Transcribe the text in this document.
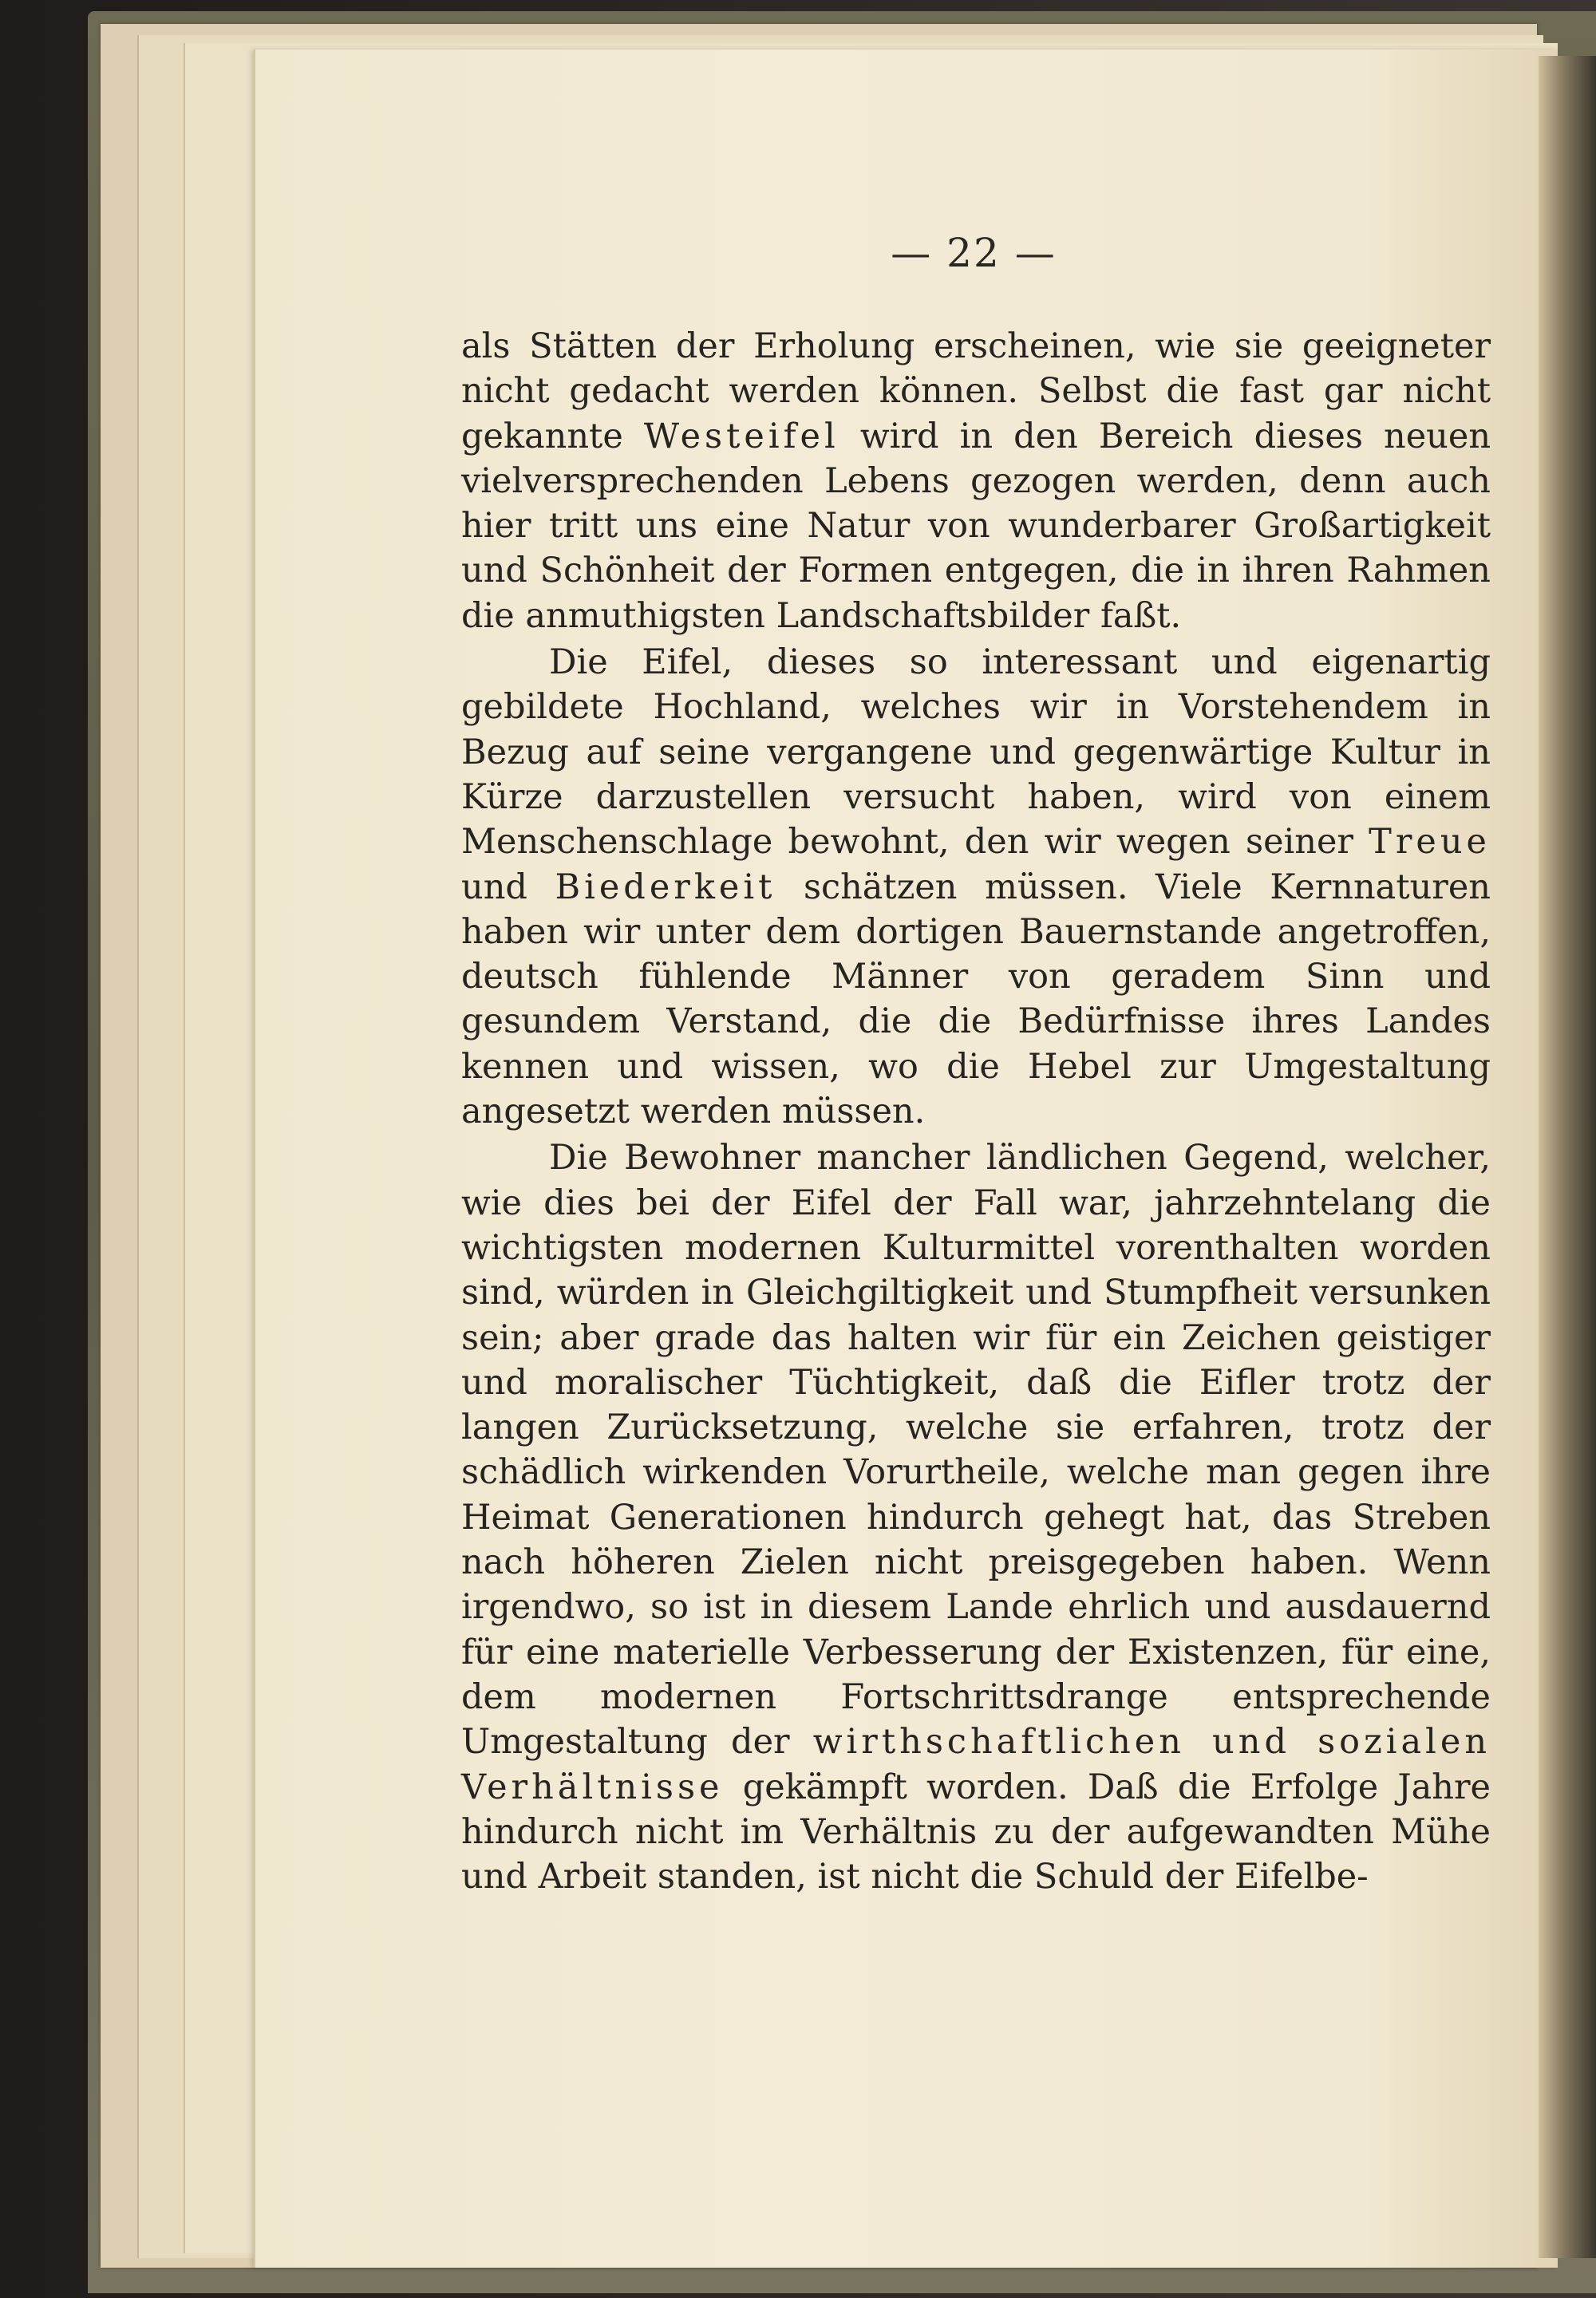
— 22 —

als Stätten der Erholung erscheinen, wie sie geeigneter nicht gedacht werden können. Selbst die fast gar nicht gekannte Westeifel wird in den Bereich dieses neuen vielversprechenden Lebens gezogen werden, denn auch hier tritt uns eine Natur von wunderbarer Großartigkeit und Schönheit der Formen entgegen, die in ihren Rahmen die anmuthigsten Landschaftsbilder faßt.

Die Eifel, dieses so interessant und eigenartig gebildete Hochland, welches wir in Vorstehendem in Bezug auf seine vergangene und gegenwärtige Kultur in Kürze darzustellen versucht haben, wird von einem Menschenschlage bewohnt, den wir wegen seiner Treue und Biederkeit schätzen müssen. Viele Kernnaturen haben wir unter dem dortigen Bauernstande angetroffen, deutsch fühlende Männer von geradem Sinn und gesundem Verstand, die die Bedürfnisse ihres Landes kennen und wissen, wo die Hebel zur Umgestaltung angesetzt werden müssen.

Die Bewohner mancher ländlichen Gegend, welcher, wie dies bei der Eifel der Fall war, jahrzehntelang die wichtigsten modernen Kulturmittel vorenthalten worden sind, würden in Gleichgiltigkeit und Stumpfheit versunken sein; aber grade das halten wir für ein Zeichen geistiger und moralischer Tüchtigkeit, daß die Eifler trotz der langen Zurücksetzung, welche sie erfahren, trotz der schädlich wirkenden Vorurtheile, welche man gegen ihre Heimat Generationen hindurch gehegt hat, das Streben nach höheren Zielen nicht preisgegeben haben. Wenn irgendwo, so ist in diesem Lande ehrlich und ausdauernd für eine materielle Verbesserung der Existenzen, für eine, dem modernen Fortschrittsdrange entsprechende Umgestaltung der wirthschaftlichen und sozialen Verhältnisse gekämpft worden. Daß die Erfolge Jahre hindurch nicht im Verhältnis zu der aufgewandten Mühe und Arbeit standen, ist nicht die Schuld der Eifelbe-
